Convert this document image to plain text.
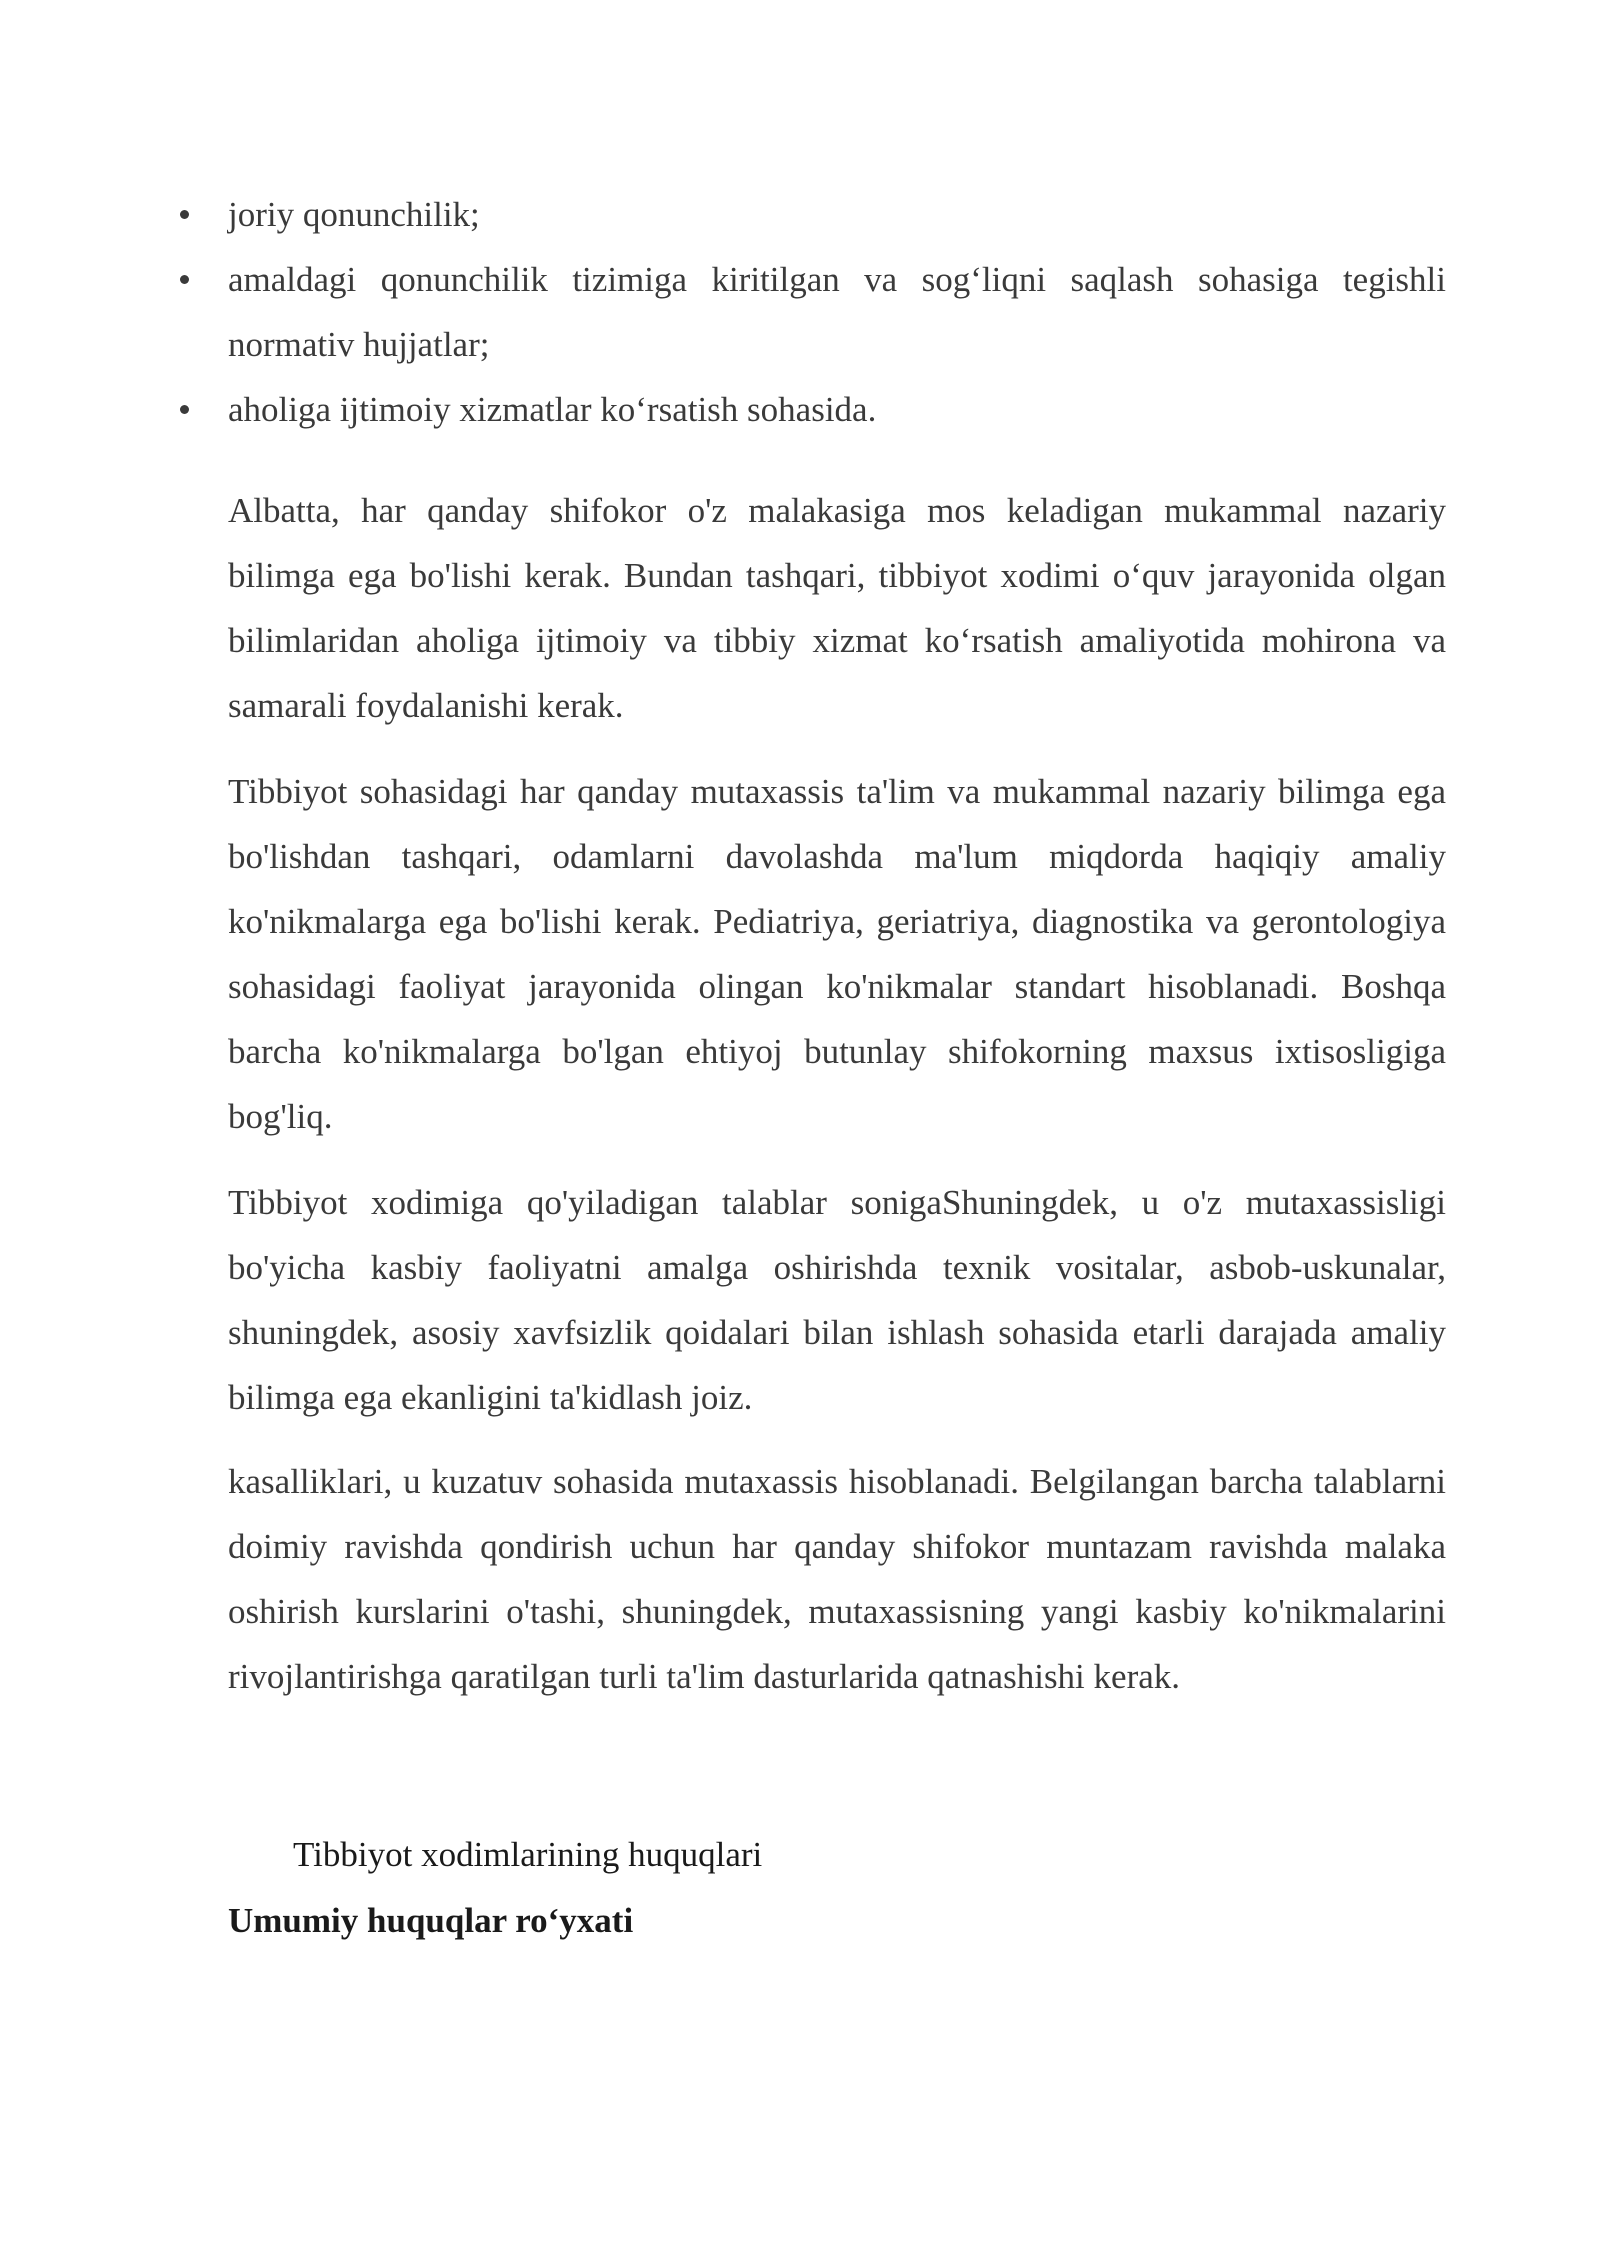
joriy qonunchilik;
amaldagi qonunchilik tizimiga kiritilgan va sog‘liqni saqlash sohasiga tegishli normativ hujjatlar;
aholiga ijtimoiy xizmatlar ko‘rsatish sohasida.

Albatta, har qanday shifokor o'z malakasiga mos keladigan mukammal nazariy bilimga ega bo'lishi kerak. Bundan tashqari, tibbiyot xodimi o‘quv jarayonida olgan bilimlaridan aholiga ijtimoiy va tibbiy xizmat ko‘rsatish amaliyotida mohirona va samarali foydalanishi kerak.

Tibbiyot sohasidagi har qanday mutaxassis ta'lim va mukammal nazariy bilimga ega bo'lishdan tashqari, odamlarni davolashda ma'lum miqdorda haqiqiy amaliy ko'nikmalarga ega bo'lishi kerak. Pediatriya, geriatriya, diagnostika va gerontologiya sohasidagi faoliyat jarayonida olingan ko'nikmalar standart hisoblanadi. Boshqa barcha ko'nikmalarga bo'lgan ehtiyoj butunlay shifokorning maxsus ixtisosligiga bog'liq.

Tibbiyot xodimiga qo'yiladigan talablar sonigaShuningdek, u o'z mutaxassisligi bo'yicha kasbiy faoliyatni amalga oshirishda texnik vositalar, asbob-uskunalar, shuningdek, asosiy xavfsizlik qoidalari bilan ishlash sohasida etarli darajada amaliy bilimga ega ekanligini ta'kidlash joiz.

kasalliklari, u kuzatuv sohasida mutaxassis hisoblanadi. Belgilangan barcha talablarni doimiy ravishda qondirish uchun har qanday shifokor muntazam ravishda malaka oshirish kurslarini o'tashi, shuningdek, mutaxassisning yangi kasbiy ko'nikmalarini rivojlantirishga qaratilgan turli ta'lim dasturlarida qatnashishi kerak.

Tibbiyot xodimlarining huquqlari
Umumiy huquqlar ro‘yxati
